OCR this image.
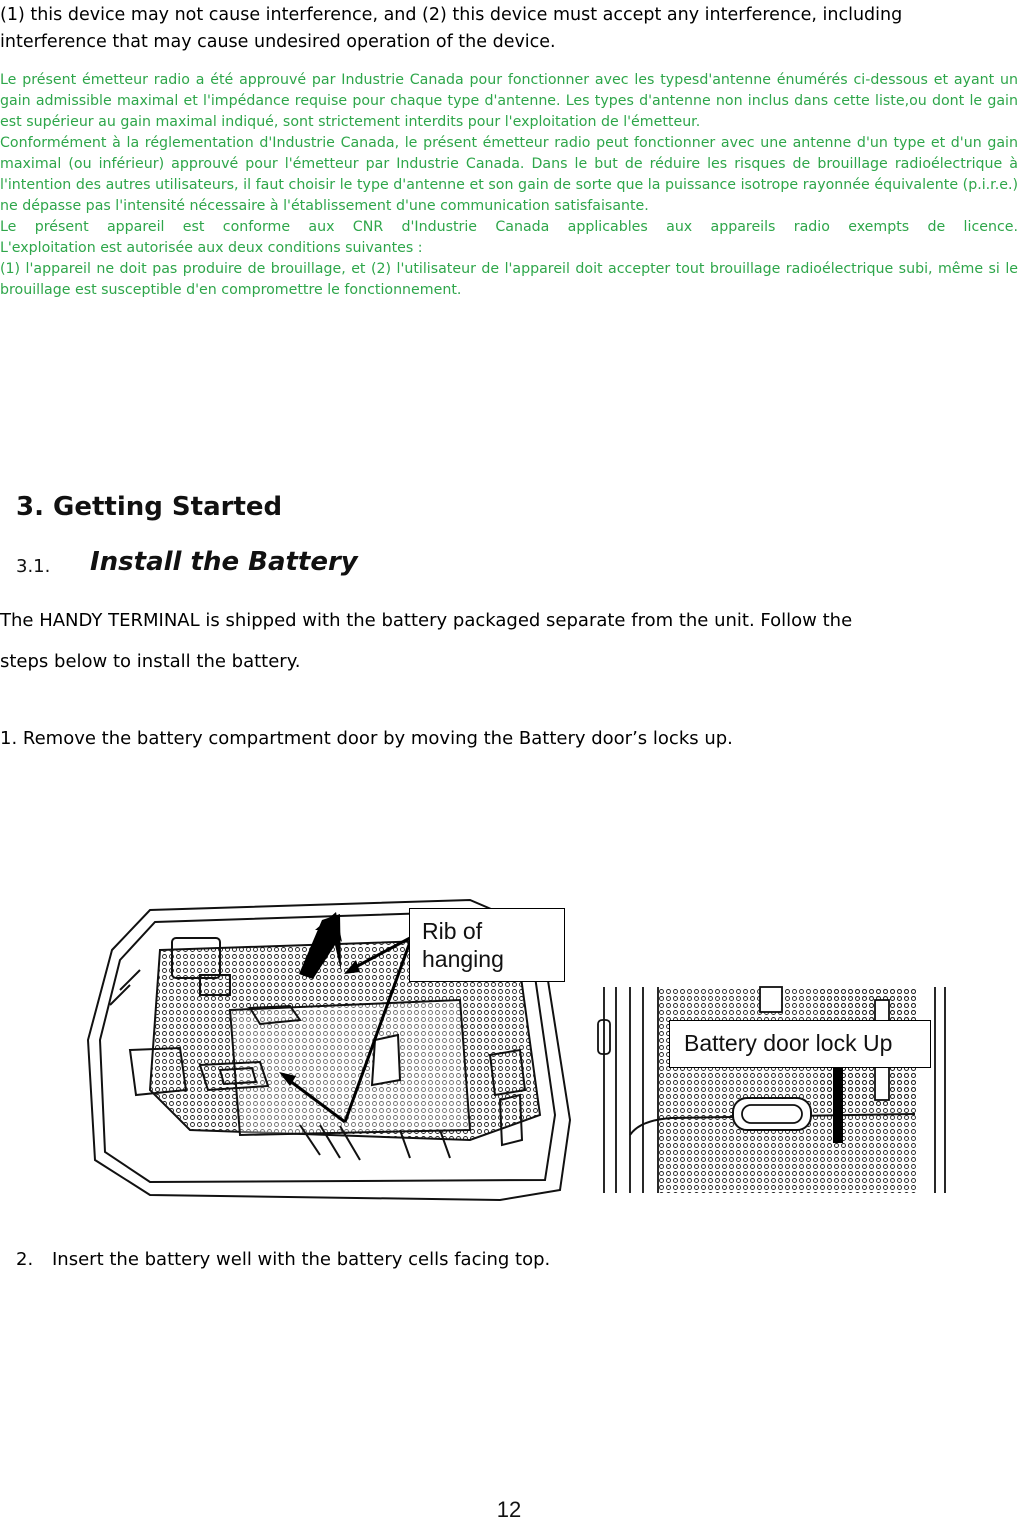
(1) this device may not cause interference, and (2) this device must accept any interference, including

interference that may cause undesired operation of the device.

Le présent émetteur radio a été approuvé par Industrie Canada pour fonctionner avec les typesd'antenne énumérés ci-dessous et ayant un gain admissible maximal et l'impédance requise pour chaque type d'antenne. Les types d'antenne non inclus dans cette liste,ou dont le gain est supérieur au gain maximal indiqué, sont strictement interdits pour l'exploitation de l'émetteur.

Conformément à la réglementation d'Industrie Canada, le présent émetteur radio peut fonctionner avec une antenne d'un type et d'un gain maximal (ou inférieur) approuvé pour l'émetteur par Industrie Canada. Dans le but de réduire les risques de brouillage radioélectrique à l'intention des autres utilisateurs, il faut choisir le type d'antenne et son gain de sorte que la puissance isotrope rayonnée équivalente (p.i.r.e.) ne dépasse pas l'intensité nécessaire à l'établissement d'une communication satisfaisante.

Le présent appareil est conforme aux CNR d'Industrie Canada applicables aux appareils radio exempts de licence.

L'exploitation est autorisée aux deux conditions suivantes :

(1) l'appareil ne doit pas produire de brouillage, et (2) l'utilisateur de l'appareil doit accepter tout brouillage radioélectrique subi, même si le brouillage est susceptible d'en compromettre le fonctionnement.

3. Getting Started
3.1. Install the Battery

The HANDY TERMINAL is shipped with the battery packaged separate from the unit. Follow the

steps below to install the battery.

1. Remove the battery compartment door by moving the Battery door’s locks up.
Rib of
hanging
Battery door lock Up
2. Insert the battery well with the battery cells facing top.
12
